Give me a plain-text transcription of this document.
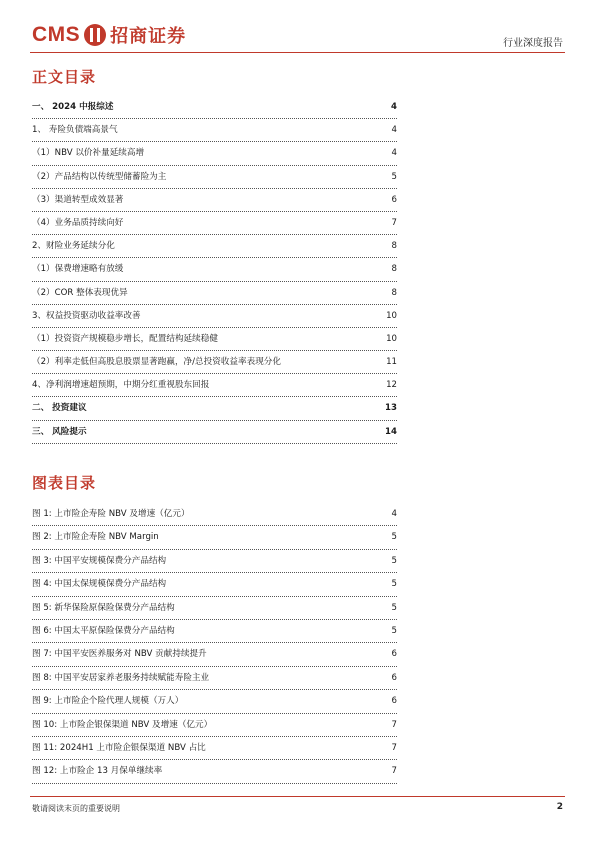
CMS 招商证券	行业深度报告
正文目录
一、 2024 中报综述	4
1、 寿险负债端高景气	4
（1）NBV 以价补量延续高增	4
（2）产品结构以传统型储蓄险为主	5
（3）渠道转型成效显著	6
（4）业务品质持续向好	7
2、财险业务延续分化	8
（1）保费增速略有放缓	8
（2）COR 整体表现优异	8
3、权益投资驱动收益率改善	10
（1）投资资产规模稳步增长，配置结构延续稳健	10
（2）利率走低但高股息股票显著跑赢，净/总投资收益率表现分化	11
4、净利润增速超预期，中期分红重视股东回报	12
二、 投资建议	13
三、 风险提示	14
图表目录
图 1: 上市险企寿险 NBV 及增速（亿元）	4
图 2: 上市险企寿险 NBV Margin	5
图 3: 中国平安规模保费分产品结构	5
图 4: 中国太保规模保费分产品结构	5
图 5: 新华保险原保险保费分产品结构	5
图 6: 中国太平原保险保费分产品结构	5
图 7: 中国平安医养服务对 NBV 贡献持续提升	6
图 8: 中国平安居家养老服务持续赋能寿险主业	6
图 9: 上市险企个险代理人规模（万人）	6
图 10: 上市险企银保渠道 NBV 及增速（亿元）	7
图 11: 2024H1 上市险企银保渠道 NBV 占比	7
图 12: 上市险企 13 月保单继续率	7
敬请阅读末页的重要说明	2
